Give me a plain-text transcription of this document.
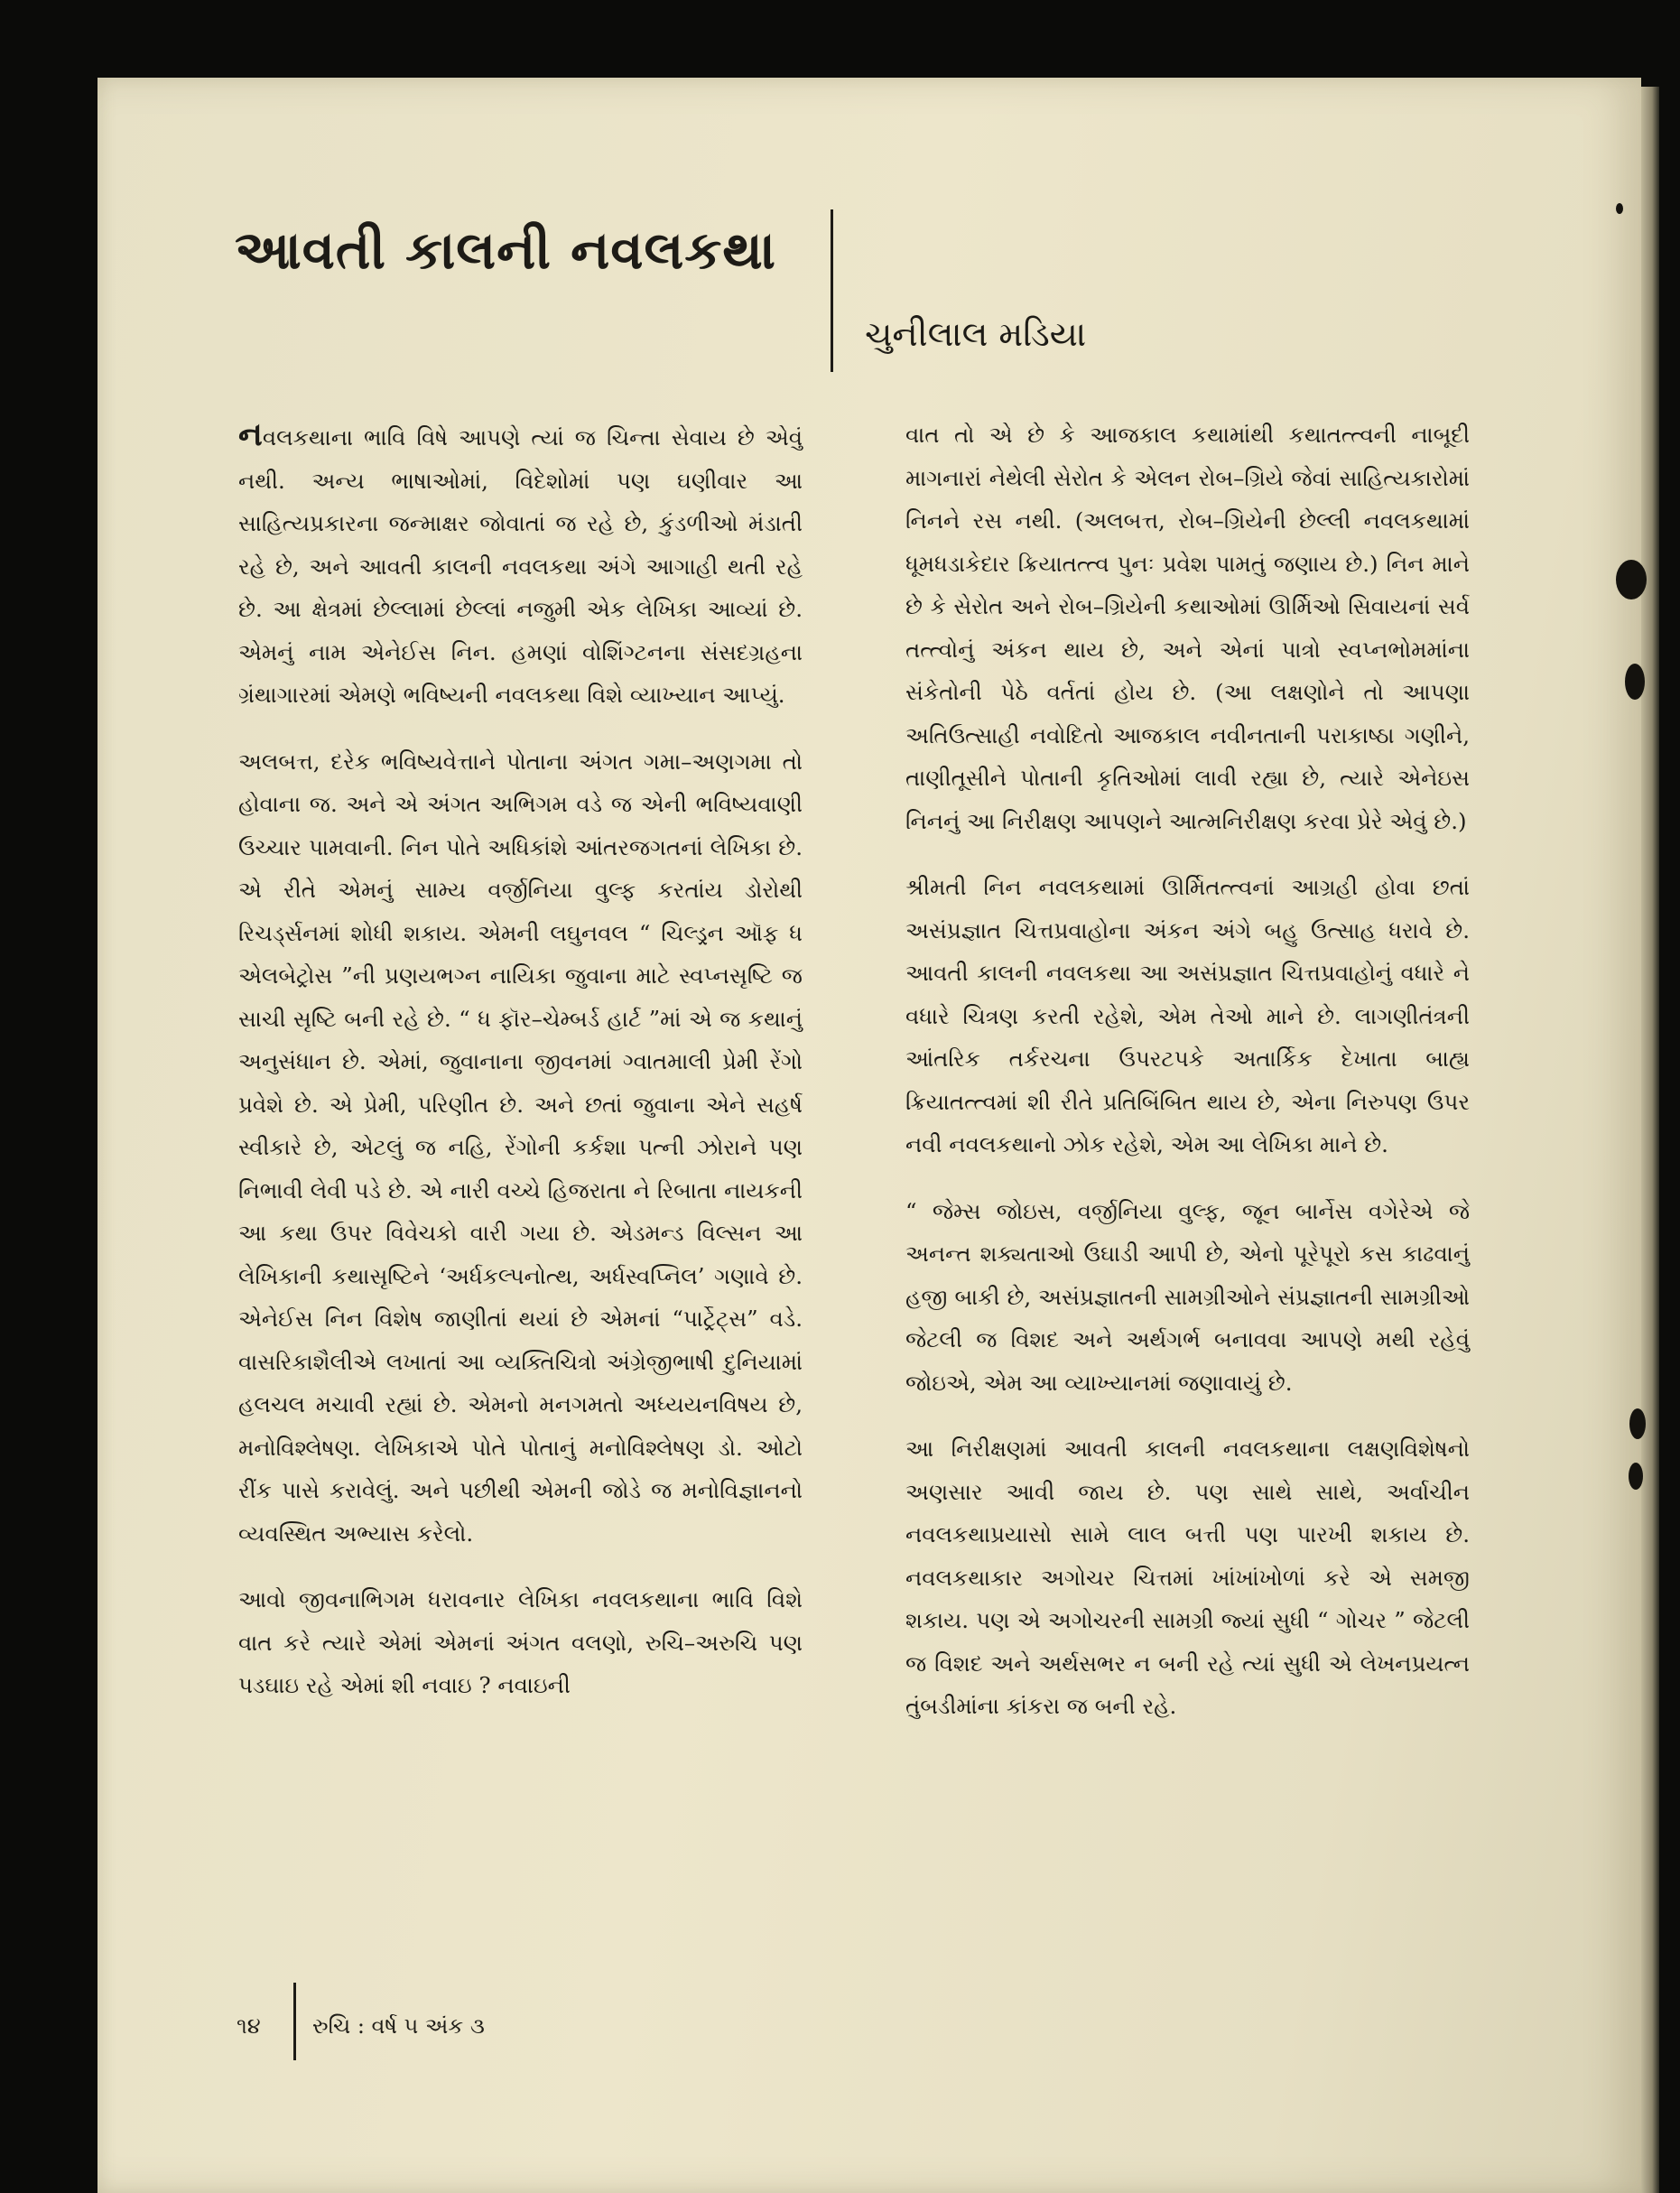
આવતી કાલની નવલકથા
ચુનીલાલ મડિયા

નવલકથાના ભાવિ વિષે આપણે ત્યાં જ ચિન્તા સેવાય છે એવું નથી. અન્ય ભાષાઓમાં, વિદેશોમાં પણ ઘણીવાર આ સાહિત્યપ્રકારના જન્માક્ષર જોવાતાં જ રહે છે, કુંડળીઓ મંડાતી રહે છે, અને આવતી કાલની નવલકથા અંગે આગાહી થતી રહે છે. આ ક્ષેત્રમાં છેલ્લામાં છેલ્લાં નજુમી એક લેખિકા આવ્યાં છે. એમનું નામ એનેઈસ નિન. હમણાં વોશિંગ્ટનના સંસદગ્રહના ગ્રંથાગારમાં એમણે ભવિષ્યની નવલકથા વિશે વ્યાખ્યાન આપ્યું.

અલબત્ત, દરેક ભવિષ્યવેત્તાને પોતાના અંગત ગમા–અણગમા તો હોવાના જ. અને એ અંગત અભિગમ વડે જ એની ભવિષ્યવાણી ઉચ્ચાર પામવાની. નિન પોતે અધિકાંશે આંતરજગતનાં લેખિકા છે. એ રીતે એમનું સામ્ય વર્જીનિયા વુલ્ફ કરતાંય ડોરોથી રિચર્ડ્સનમાં શોધી શકાય. એમની લઘુનવલ “ ચિલ્ડ્રન ઑફ ધ એલબેટ્રોસ ”ની પ્રણયભગ્ન નાયિકા જુવાના માટે સ્વપ્નસૃષ્ટિ જ સાચી સૃષ્ટિ બની રહે છે. “ ધ ફૉર–ચેમ્બર્ડ હાર્ટ ”માં એ જ કથાનું અનુસંધાન છે. એમાં, જુવાનાના જીવનમાં ગ્વાતમાલી પ્રેમી રેંગો પ્રવેશે છે. એ પ્રેમી, પરિણીત છે. અને છતાં જુવાના એને સહર્ષ સ્વીકારે છે, એટલું જ નહિ, રેંગોની કર્કશા પત્ની ઝોરાને પણ નિભાવી લેવી પડે છે. એ નારી વચ્ચે હિજરાતા ને રિબાતા નાયકની આ કથા ઉપર વિવેચકો વારી ગયા છે. એડમન્ડ વિલ્સન આ લેખિકાની કથાસૃષ્ટિને ‘અર્ધકલ્પનોત્થ, અર્ધસ્વપ્નિલ’ ગણાવે છે. એનેઈસ નિન વિશેષ જાણીતાં થયાં છે એમનાં “પાર્ટ્રેટ્સ” વડે. વાસરિકાશૈલીએ લખાતાં આ વ્યક્તિચિત્રો અંગ્રેજીભાષી દુનિયામાં હલચલ મચાવી રહ્યાં છે. એમનો મનગમતો અધ્યયનવિષય છે, મનોવિશ્લેષણ. લેખિકાએ પોતે પોતાનું મનોવિશ્લેષણ ડો. ઓટો રીંક પાસે કરાવેલું. અને પછીથી એમની જોડે જ મનોવિજ્ઞાનનો વ્યવસ્થિત અભ્યાસ કરેલો.

આવો જીવનાભિગમ ધરાવનાર લેખિકા નવલકથાના ભાવિ વિશે વાત કરે ત્યારે એમાં એમનાં અંગત વલણો, રુચિ–અરુચિ પણ પડઘાઇ રહે એમાં શી નવાઇ ? નવાઇની

વાત તો એ છે કે આજકાલ કથામાંથી કથાતત્ત્વની નાબૂદી માગનારાં નેથેલી સેરોત કે એલન રોબ–ગ્રિયે જેવાં સાહિત્યકારોમાં નિનને રસ નથી. (અલબત્ત, રોબ–ગ્રિયેની છેલ્લી નવલકથામાં ધૂમધડાકેદાર ક્રિયાતત્ત્વ પુનઃ પ્રવેશ પામતું જણાય છે.) નિન માને છે કે સેરોત અને રોબ–ગ્રિયેની કથાઓમાં ઊર્મિઓ સિવાયનાં સર્વ તત્ત્વોનું અંકન થાય છે, અને એનાં પાત્રો સ્વપ્નભોમમાંના સંકેતોની પેઠે વર્તતાં હોય છે. (આ લક્ષણોને તો આપણા અતિઉત્સાહી નવોદિતો આજકાલ નવીનતાની પરાકાષ્ઠા ગણીને, તાણીતૂસીને પોતાની કૃતિઓમાં લાવી રહ્યા છે, ત્યારે એનેઇસ નિનનું આ નિરીક્ષણ આપણને આત્મનિરીક્ષણ કરવા પ્રેરે એવું છે.)

શ્રીમતી નિન નવલકથામાં ઊર્મિતત્ત્વનાં આગ્રહી હોવા છતાં અસંપ્રજ્ઞાત ચિત્તપ્રવાહોના અંકન અંગે બહુ ઉત્સાહ ધરાવે છે. આવતી કાલની નવલકથા આ અસંપ્રજ્ઞાત ચિત્તપ્રવાહોનું વધારે ને વધારે ચિત્રણ કરતી રહેશે, એમ તેઓ માને છે. લાગણીતંત્રની આંતરિક તર્કરચના ઉપરટપકે અતાર્કિક દેખાતા બાહ્ય ક્રિયાતત્ત્વમાં શી રીતે પ્રતિબિંબિત થાય છે, એના નિરુપણ ઉપર નવી નવલકથાનો ઝોક રહેશે, એમ આ લેખિકા માને છે.

“ જેમ્સ જોઇસ, વર્જીનિયા વુલ્ફ, જૂન બાર્નેસ વગેરેએ જે અનન્ત શક્યતાઓ ઉઘાડી આપી છે, એનો પૂરેપૂરો કસ કાઢવાનું હજી બાકી છે, અસંપ્રજ્ઞાતની સામગ્રીઓને સંપ્રજ્ઞાતની સામગ્રીઓ જેટલી જ વિશદ અને અર્થગર્ભ બનાવવા આપણે મથી રહેવું જોઇએ, એમ આ વ્યાખ્યાનમાં જણાવાયું છે.

આ નિરીક્ષણમાં આવતી કાલની નવલકથાના લક્ષણવિશેષનો અણસાર આવી જાય છે. પણ સાથે સાથે, અર્વાચીન નવલકથાપ્રયાસો સામે લાલ બત્તી પણ પારખી શકાય છે. નવલકથાકાર અગોચર ચિત્તમાં ખાંખાંખોળાં કરે એ સમજી શકાય. પણ એ અગોચરની સામગ્રી જ્યાં સુધી “ ગોચર ” જેટલી જ વિશદ અને અર્થસભર ન બની રહે ત્યાં સુધી એ લેખનપ્રયત્ન તુંબડીમાંના કાંકરા જ બની રહે.

૧૪ રુચિ : વર્ષ ૫ અંક ૩
